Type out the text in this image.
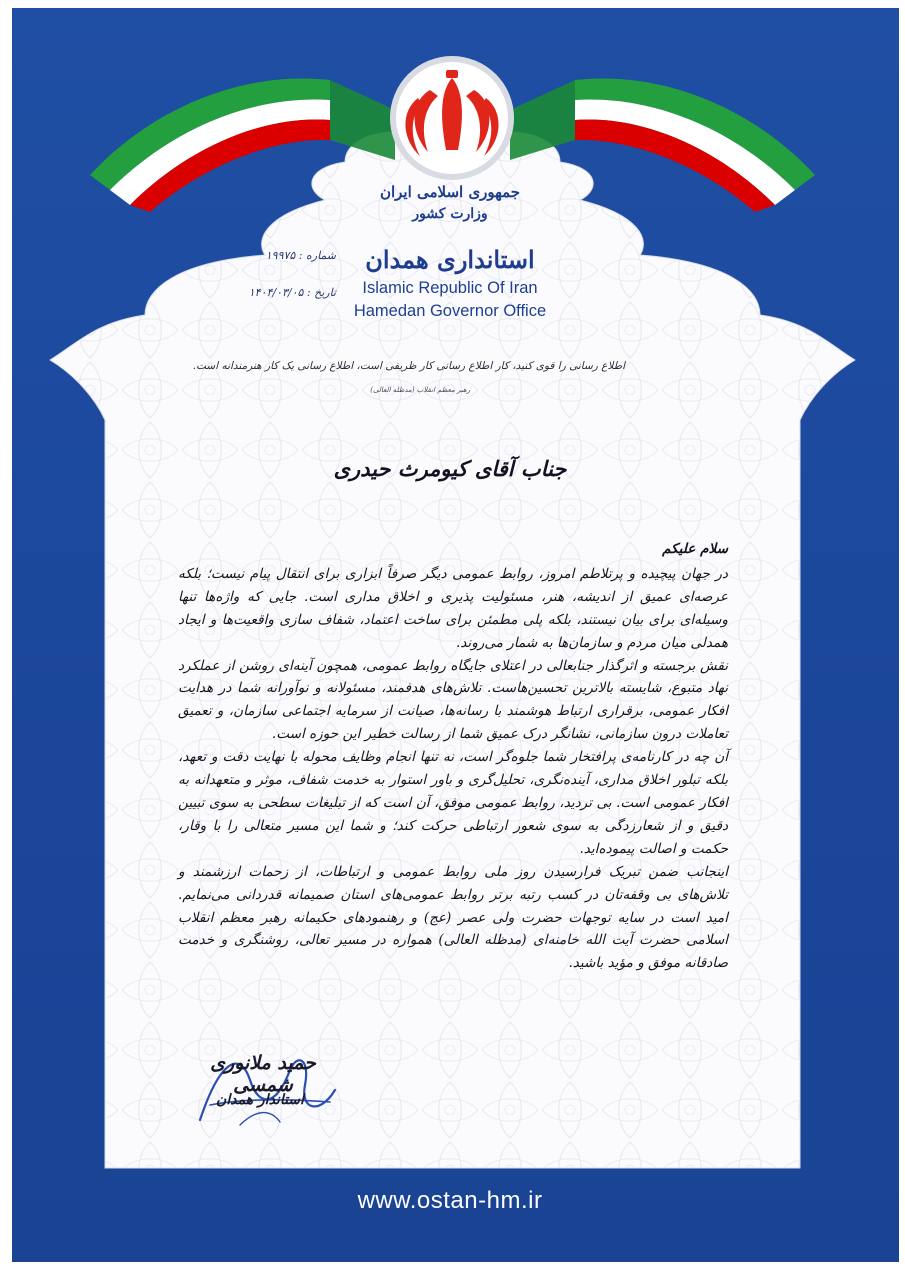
جمهوری اسلامی ایران
وزارت کشور
استانداری همدان
Islamic Republic Of Iran
Hamedan Governor Office
شماره : ۱۹۹۷۵
تاریخ : ۱۴۰۴/۰۳/۰۵
اطلاع رسانی را قوی کنید، کار اطلاع رسانی کار ظریفی است، اطلاع رسانی یک کار هنرمندانه است.
رهبر معظم انقلاب (مدظله العالی)
جناب آقای کیومرث حیدری

سلام علیکم

در جهان پیچیده و پرتلاطم امروز، روابط عمومی دیگر صرفاً ابزاری برای انتقال پیام نیست؛ بلکه عرصه‌ای عمیق از اندیشه، هنر، مسئولیت پذیری و اخلاق مداری است. جایی که واژه‌ها تنها وسیله‌ای برای بیان نیستند، بلکه پلی مطمئن برای ساخت اعتماد، شفاف سازی واقعیت‌ها و ایجاد همدلی میان مردم و سازمان‌ها به شمار می‌روند.

نقش برجسته و اثرگذار جنابعالی در اعتلای جایگاه روابط عمومی، همچون آینه‌ای روشن از عملکرد نهاد متبوع، شایسته بالاترین تحسین‌هاست. تلاش‌های هدفمند، مسئولانه و نوآورانه شما در هدایت افکار عمومی، برقراری ارتباط هوشمند با رسانه‌ها، صیانت از سرمایه اجتماعی سازمان، و تعمیق تعاملات درون سازمانی، نشانگر درک عمیق شما از رسالت خطیر این حوزه است.

آن چه در کارنامه‌ی پرافتخار شما جلوه‌گر است، نه تنها انجام وظایف محوله با نهایت دقت و تعهد، بلکه تبلور اخلاق مداری، آینده‌نگری، تحلیل‌گری و باور استوار به خدمت شفاف، موثر و متعهدانه به افکار عمومی است. بی تردید، روابط عمومی موفق، آن است که از تبلیغات سطحی به سوی تبیین دقیق و از شعارزدگی به سوی شعور ارتباطی حرکت کند؛ و شما این مسیر متعالی را با وقار، حکمت و اصالت پیموده‌اید.

اینجانب ضمن تبریک فرارسیدن روز ملی روابط عمومی و ارتباطات، از زحمات ارزشمند و تلاش‌های بی وقفه‌تان در کسب رتبه برتر روابط عمومی‌های استان صمیمانه قدردانی می‌نمایم. امید است در سایه توجهات حضرت ولی عصر (عج) و رهنمودهای حکیمانه رهبر معظم انقلاب اسلامی حضرت آیت الله خامنه‌ای (مدظله العالی) همواره در مسیر تعالی، روشنگری و خدمت صادقانه موفق و مؤید باشید.

حمید ملانوری شمسی
استاندار همدان
www.ostan-hm.ir
